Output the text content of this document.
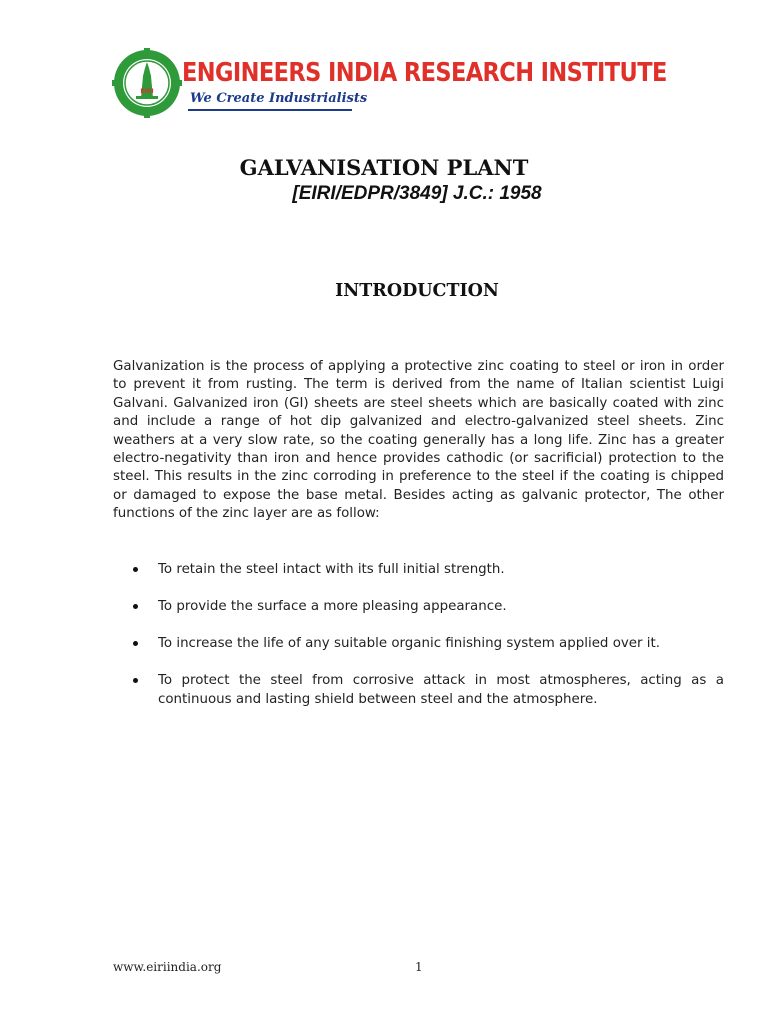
EIRI
ENGINEERS INDIA RESEARCH INSTITUTE
We Create Industrialists
GALVANISATION PLANT
[EIRI/EDPR/3849] J.C.: 1958
INTRODUCTION

Galvanization is the process of applying a protective zinc coating to steel or iron in order to prevent it from rusting. The term is derived from the name of Italian scientist Luigi Galvani. Galvanized iron (GI) sheets are steel sheets which are basically coated with zinc and include a range of hot dip galvanized and electro-galvanized steel sheets. Zinc weathers at a very slow rate, so the coating generally has a long life. Zinc has a greater electro-negativity than iron and hence provides cathodic (or sacrificial) protection to the steel. This results in the zinc corroding in preference to the steel if the coating is chipped or damaged to expose the base metal. Besides acting as galvanic protector, The other functions of the zinc layer are as follow:

To retain the steel intact with its full initial strength.
To provide the surface a more pleasing appearance.
To increase the life of any suitable organic finishing system applied over it.
To protect the steel from corrosive attack in most atmospheres, acting as a continuous and lasting shield between steel and the atmosphere.
www.eiriindia.org	1
